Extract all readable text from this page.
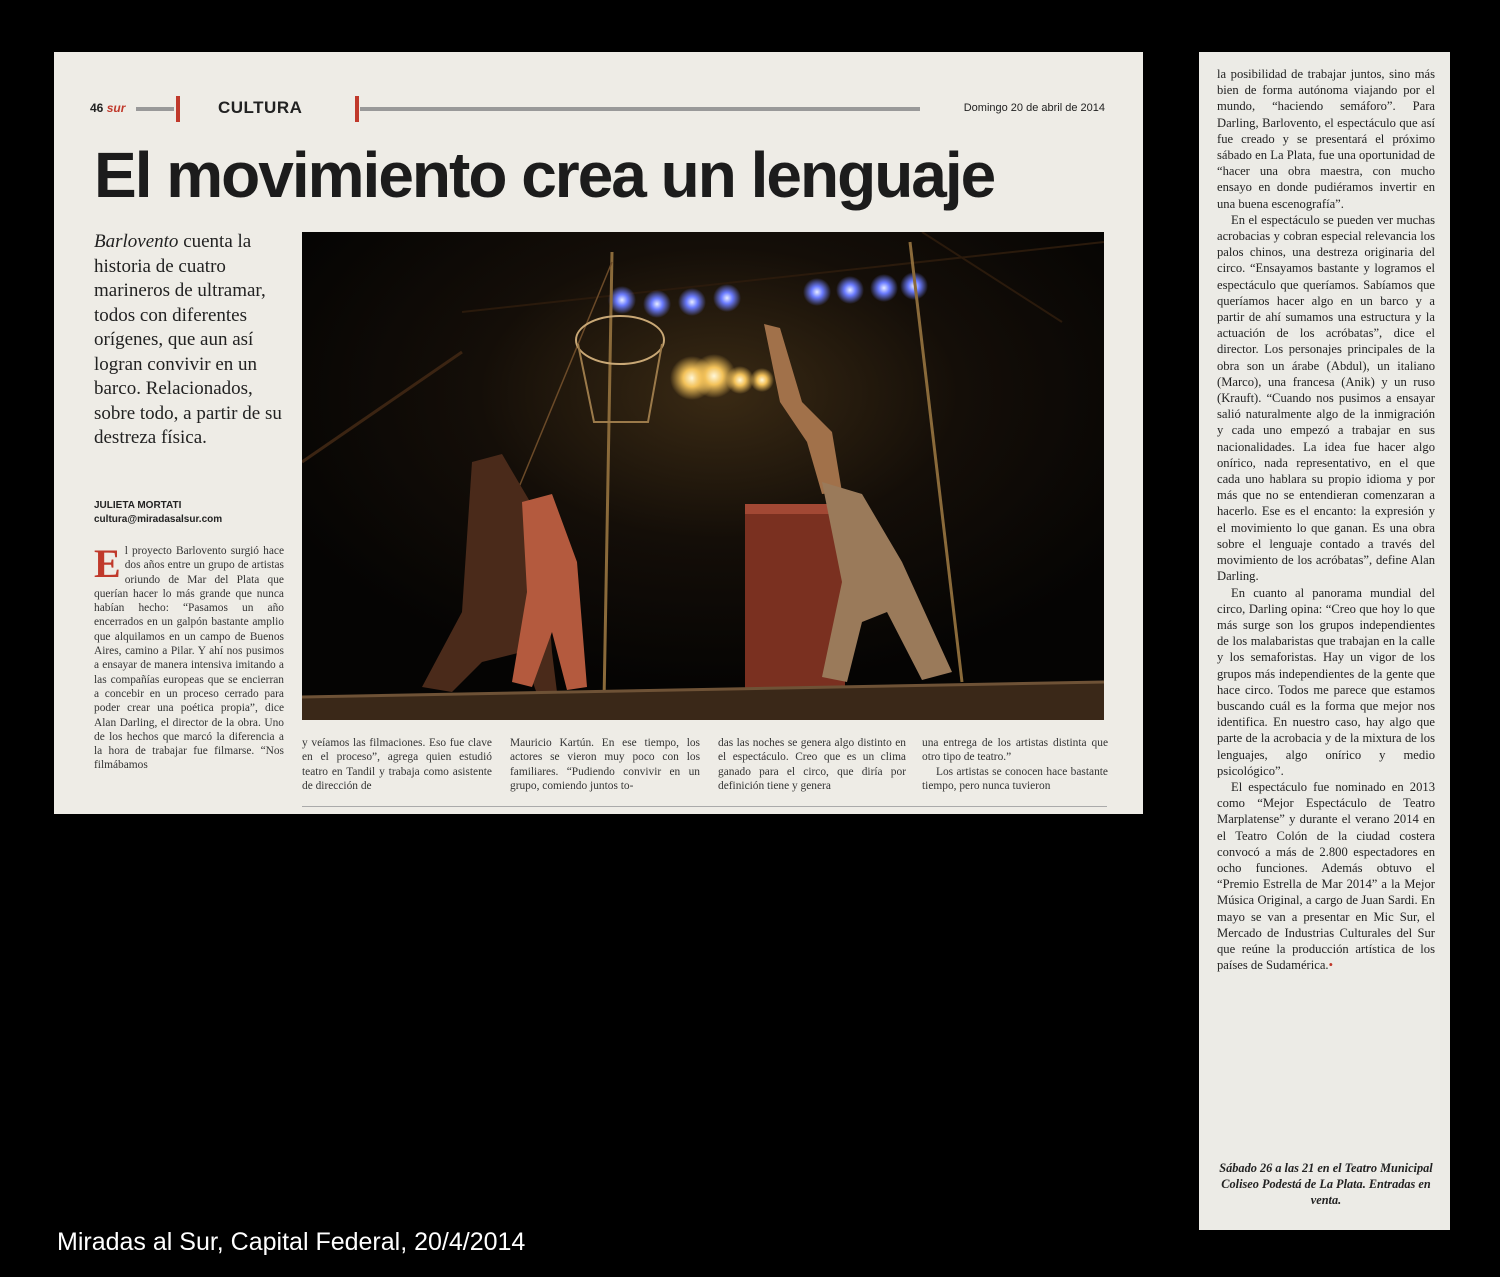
46 sur	CULTURA	Domingo 20 de abril de 2014
El movimiento crea un lenguaje
Barlovento cuenta la historia de cuatro marineros de ultramar, todos con diferentes orígenes, que aun así logran convivir en un barco. Relacionados, sobre todo, a partir de su destreza física.
JULIETA MORTATI
cultura@miradasalsur.com
El proyecto Barlovento surgió hace dos años entre un grupo de artistas oriundo de Mar del Plata que querían hacer lo más grande que nunca habían hecho: “Pasamos un año encerrados en un galpón bastante amplio que alquilamos en un campo de Buenos Aires, camino a Pilar. Y ahí nos pusimos a ensayar de manera intensiva imitando a las compañías europeas que se encierran a concebir en un proceso cerrado para poder crear una poética propia”, dice Alan Darling, el director de la obra. Uno de los hechos que marcó la diferencia a la hora de trabajar fue filmarse. “Nos filmábamos
y veíamos las filmaciones. Eso fue clave en el proceso”, agrega quien estudió teatro en Tandil y trabaja como asistente de dirección de
Mauricio Kartún. En ese tiempo, los actores se vieron muy poco con los familiares. “Pudiendo convivir en un grupo, comiendo juntos to-
das las noches se genera algo distinto en el espectáculo. Creo que es un clima ganado para el circo, que diría por definición tiene y genera
una entrega de los artistas distinta que otro tipo de teatro.”
Los artistas se conocen hace bastante tiempo, pero nunca tuvieron

la posibilidad de trabajar juntos, sino más bien de forma autónoma viajando por el mundo, “haciendo semáforo”. Para Darling, Barlovento, el espectáculo que así fue creado y se presentará el próximo sábado en La Plata, fue una oportunidad de “hacer una obra maestra, con mucho ensayo en donde pudiéramos invertir en una buena escenografía”.

En el espectáculo se pueden ver muchas acrobacias y cobran especial relevancia los palos chinos, una destreza originaria del circo. “Ensayamos bastante y logramos el espectáculo que queríamos. Sabíamos que queríamos hacer algo en un barco y a partir de ahí sumamos una estructura y la actuación de los acróbatas”, dice el director. Los personajes principales de la obra son un árabe (Abdul), un italiano (Marco), una francesa (Anik) y un ruso (Krauft). “Cuando nos pusimos a ensayar salió naturalmente algo de la inmigración y cada uno empezó a trabajar en sus nacionalidades. La idea fue hacer algo onírico, nada representativo, en el que cada uno hablara su propio idioma y por más que no se entendieran comenzaran a hacerlo. Ese es el encanto: la expresión y el movimiento lo que ganan. Es una obra sobre el lenguaje contado a través del movimiento de los acróbatas”, define Alan Darling.

En cuanto al panorama mundial del circo, Darling opina: “Creo que hoy lo que más surge son los grupos independientes de los malabaristas que trabajan en la calle y los semaforistas. Hay un vigor de los grupos más independientes de la gente que hace circo. Todos me parece que estamos buscando cuál es la forma que mejor nos identifica. En nuestro caso, hay algo que parte de la acrobacia y de la mixtura de los lenguajes, algo onírico y medio psicológico”.

El espectáculo fue nominado en 2013 como “Mejor Espectáculo de Teatro Marplatense” y durante el verano 2014 en el Teatro Colón de la ciudad costera convocó a más de 2.800 espectadores en ocho funciones. Además obtuvo el “Premio Estrella de Mar 2014” a la Mejor Música Original, a cargo de Juan Sardi. En mayo se van a presentar en Mic Sur, el Mercado de Industrias Culturales del Sur que reúne la producción artística de los países de Sudamérica.•

Sábado 26 a las 21 en el Teatro Municipal Coliseo Podestá de La Plata. Entradas en venta.
Miradas al Sur, Capital Federal, 20/4/2014
